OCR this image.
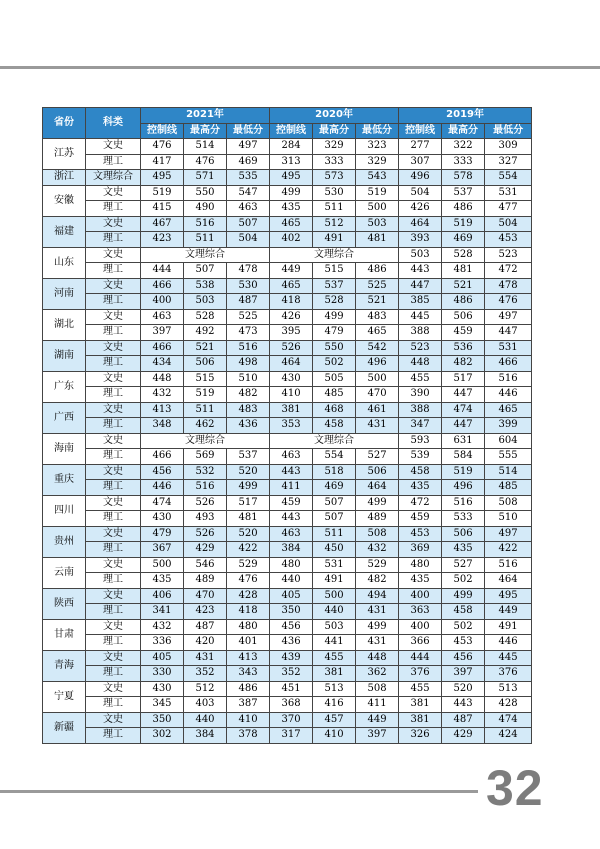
省份	科类	2021年			2020年			2019年		
		控制线	最高分	最低分	控制线	最高分	最低分	控制线	最高分	最低分
江苏	文史	476	514	497	284	329	323	277	322	309
	理工	417	476	469	313	333	329	307	333	327
浙江	文理综合	495	571	535	495	573	543	496	578	554
安徽	文史	519	550	547	499	530	519	504	537	531
	理工	415	490	463	435	511	500	426	486	477
福建	文史	467	516	507	465	512	503	464	519	504
	理工	423	511	504	402	491	481	393	469	453
山东	文史	文理综合			文理综合			503	528	523
	理工	444	507	478	449	515	486	443	481	472
河南	文史	466	538	530	465	537	525	447	521	478
	理工	400	503	487	418	528	521	385	486	476
湖北	文史	463	528	525	426	499	483	445	506	497
	理工	397	492	473	395	479	465	388	459	447
湖南	文史	466	521	516	526	550	542	523	536	531
	理工	434	506	498	464	502	496	448	482	466
广东	文史	448	515	510	430	505	500	455	517	516
	理工	432	519	482	410	485	470	390	447	446
广西	文史	413	511	483	381	468	461	388	474	465
	理工	348	462	436	353	458	431	347	447	399
海南	文史	文理综合			文理综合			593	631	604
	理工	466	569	537	463	554	527	539	584	555
重庆	文史	456	532	520	443	518	506	458	519	514
	理工	446	516	499	411	469	464	435	496	485
四川	文史	474	526	517	459	507	499	472	516	508
	理工	430	493	481	443	507	489	459	533	510
贵州	文史	479	526	520	463	511	508	453	506	497
	理工	367	429	422	384	450	432	369	435	422
云南	文史	500	546	529	480	531	529	480	527	516
	理工	435	489	476	440	491	482	435	502	464
陕西	文史	406	470	428	405	500	494	400	499	495
	理工	341	423	418	350	440	431	363	458	449
甘肃	文史	432	487	480	456	503	499	400	502	491
	理工	336	420	401	436	441	431	366	453	446
青海	文史	405	431	413	439	455	448	444	456	445
	理工	330	352	343	352	381	362	376	397	376
宁夏	文史	430	512	486	451	513	508	455	520	513
	理工	345	403	387	368	416	411	381	443	428
新疆	文史	350	440	410	370	457	449	381	487	474
	理工	302	384	378	317	410	397	326	429	424
32
